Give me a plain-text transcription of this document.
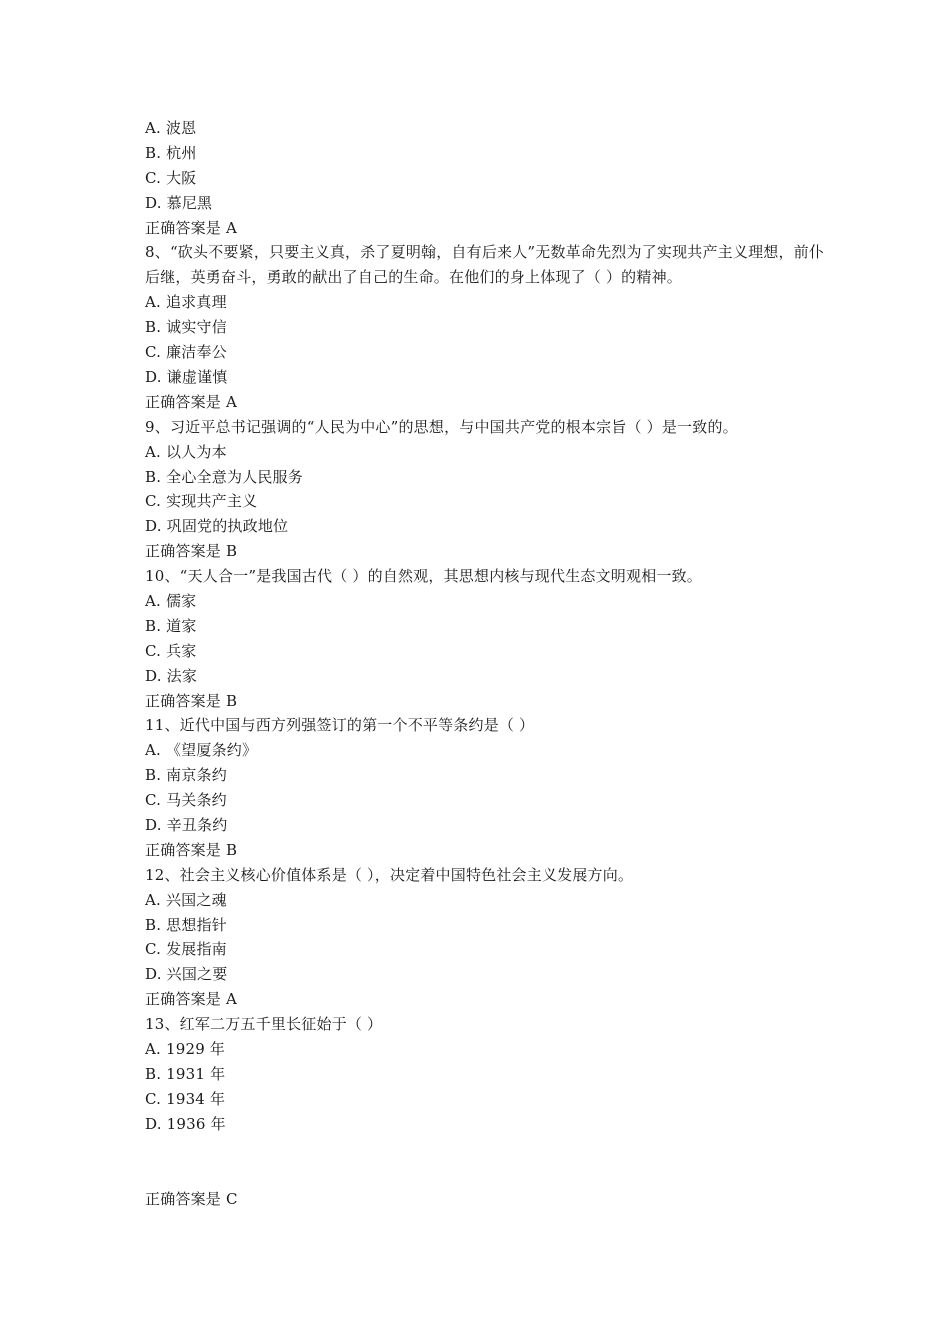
A. 波恩
B. 杭州
C. 大阪
D. 慕尼黑
正确答案是 A
8、“砍头不要紧，只要主义真，杀了夏明翰，自有后来人”无数革命先烈为了实现共产主义理想，前仆后继，英勇奋斗，勇敢的献出了自己的生命。在他们的身上体现了（ ）的精神。
A. 追求真理
B. 诚实守信
C. 廉洁奉公
D. 谦虚谨慎
正确答案是 A
9、习近平总书记强调的“人民为中心”的思想，与中国共产党的根本宗旨（ ）是一致的。
A. 以人为本
B. 全心全意为人民服务
C. 实现共产主义
D. 巩固党的执政地位
正确答案是 B
10、“天人合一”是我国古代（ ）的自然观，其思想内核与现代生态文明观相一致。
A. 儒家
B. 道家
C. 兵家
D. 法家
正确答案是 B
11、近代中国与西方列强签订的第一个不平等条约是（ ）
A. 《望厦条约》
B. 南京条约
C. 马关条约
D. 辛丑条约
正确答案是 B
12、社会主义核心价值体系是（ ），决定着中国特色社会主义发展方向。
A. 兴国之魂
B. 思想指针
C. 发展指南
D. 兴国之要
正确答案是 A
13、红军二万五千里长征始于（ ）
A. 1929 年
B. 1931 年
C. 1934 年
D. 1936 年
正确答案是 C
